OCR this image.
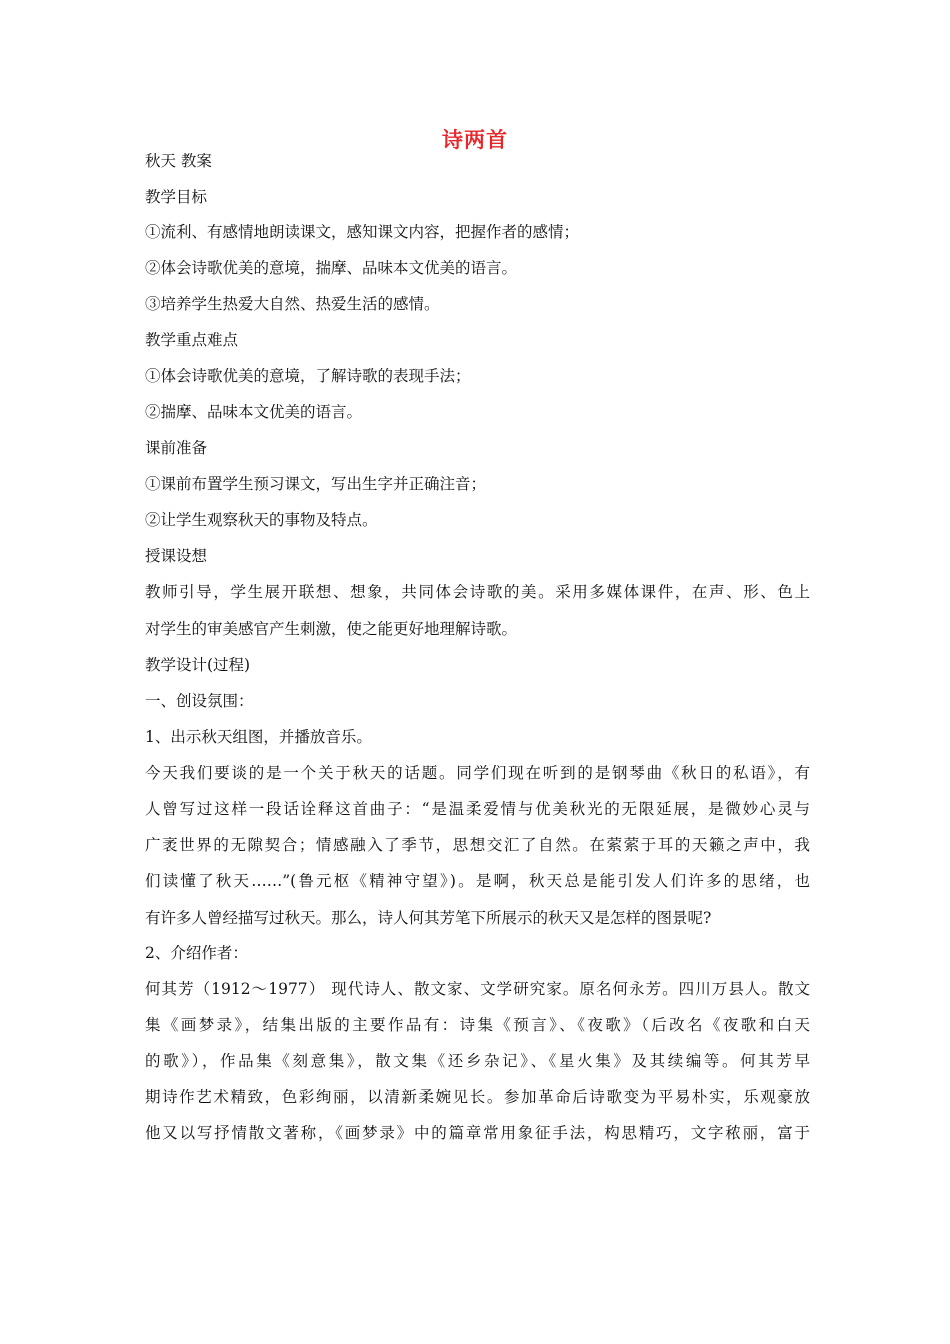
诗两首
秋天 教案
教学目标
①流利、有感情地朗读课文，感知课文内容，把握作者的感情；
②体会诗歌优美的意境，揣摩、品味本文优美的语言。
③培养学生热爱大自然、热爱生活的感情。
教学重点难点
①体会诗歌优美的意境，了解诗歌的表现手法；
②揣摩、品味本文优美的语言。
课前准备
①课前布置学生预习课文，写出生字并正确注音；
②让学生观察秋天的事物及特点。
授课设想
教师引导，学生展开联想、想象，共同体会诗歌的美。采用多媒体课件，在声、形、色上
对学生的审美感官产生刺激，使之能更好地理解诗歌。
教学设计(过程)
一、创设氛围：
1、出示秋天组图，并播放音乐。
今天我们要谈的是一个关于秋天的话题。同学们现在听到的是钢琴曲《秋日的私语》，有
人曾写过这样一段话诠释这首曲子：“是温柔爱情与优美秋光的无限延展，是微妙心灵与
广袤世界的无隙契合；情感融入了季节，思想交汇了自然。在萦萦于耳的天籁之声中，我
们读懂了秋天……”(鲁元枢《精神守望》)。是啊，秋天总是能引发人们许多的思绪，也
有许多人曾经描写过秋天。那么，诗人何其芳笔下所展示的秋天又是怎样的图景呢?
2、介绍作者：
何其芳（1912～1977） 现代诗人、散文家、文学研究家。原名何永芳。四川万县人。散文
集《画梦录》，结集出版的主要作品有：诗集《预言》、《夜歌》（后改名《夜歌和白天
的歌》），作品集《刻意集》，散文集《还乡杂记》、《星火集》及其续编等。何其芳早
期诗作艺术精致，色彩绚丽，以清新柔婉见长。参加革命后诗歌变为平易朴实，乐观豪放
他又以写抒情散文著称，《画梦录》中的篇章常用象征手法，构思精巧，文字秾丽，富于
